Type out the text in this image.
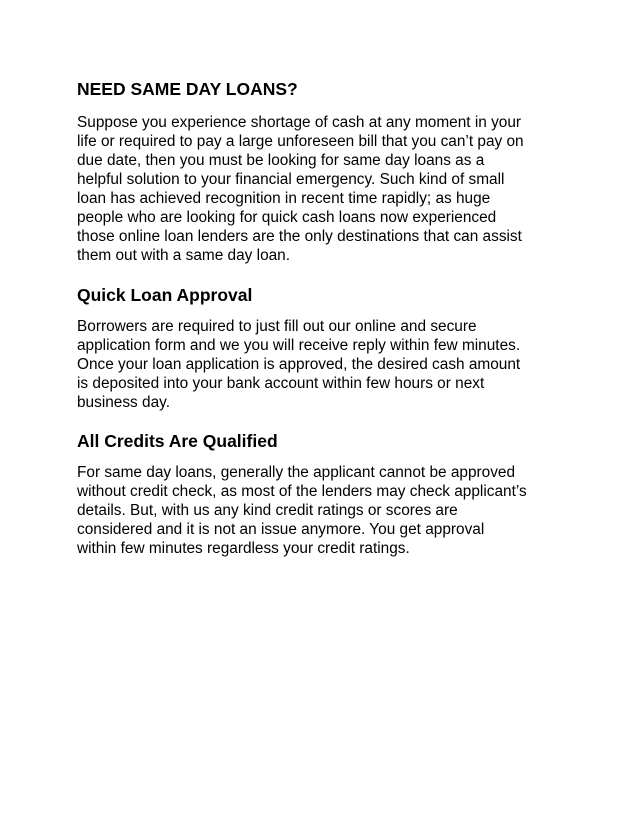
NEED SAME DAY LOANS?
Suppose you experience shortage of cash at any moment in your
life or required to pay a large unforeseen bill that you can’t pay on
due date, then you must be looking for same day loans as a
helpful solution to your financial emergency. Such kind of small
loan has achieved recognition in recent time rapidly; as huge
people who are looking for quick cash loans now experienced
those online loan lenders are the only destinations that can assist
them out with a same day loan.
Quick Loan Approval
Borrowers are required to just fill out our online and secure
application form and we you will receive reply within few minutes.
Once your loan application is approved, the desired cash amount
is deposited into your bank account within few hours or next
business day.
All Credits Are Qualified
For same day loans, generally the applicant cannot be approved
without credit check, as most of the lenders may check applicant’s
details. But, with us any kind credit ratings or scores are
considered and it is not an issue anymore. You get approval
within few minutes regardless your credit ratings.
